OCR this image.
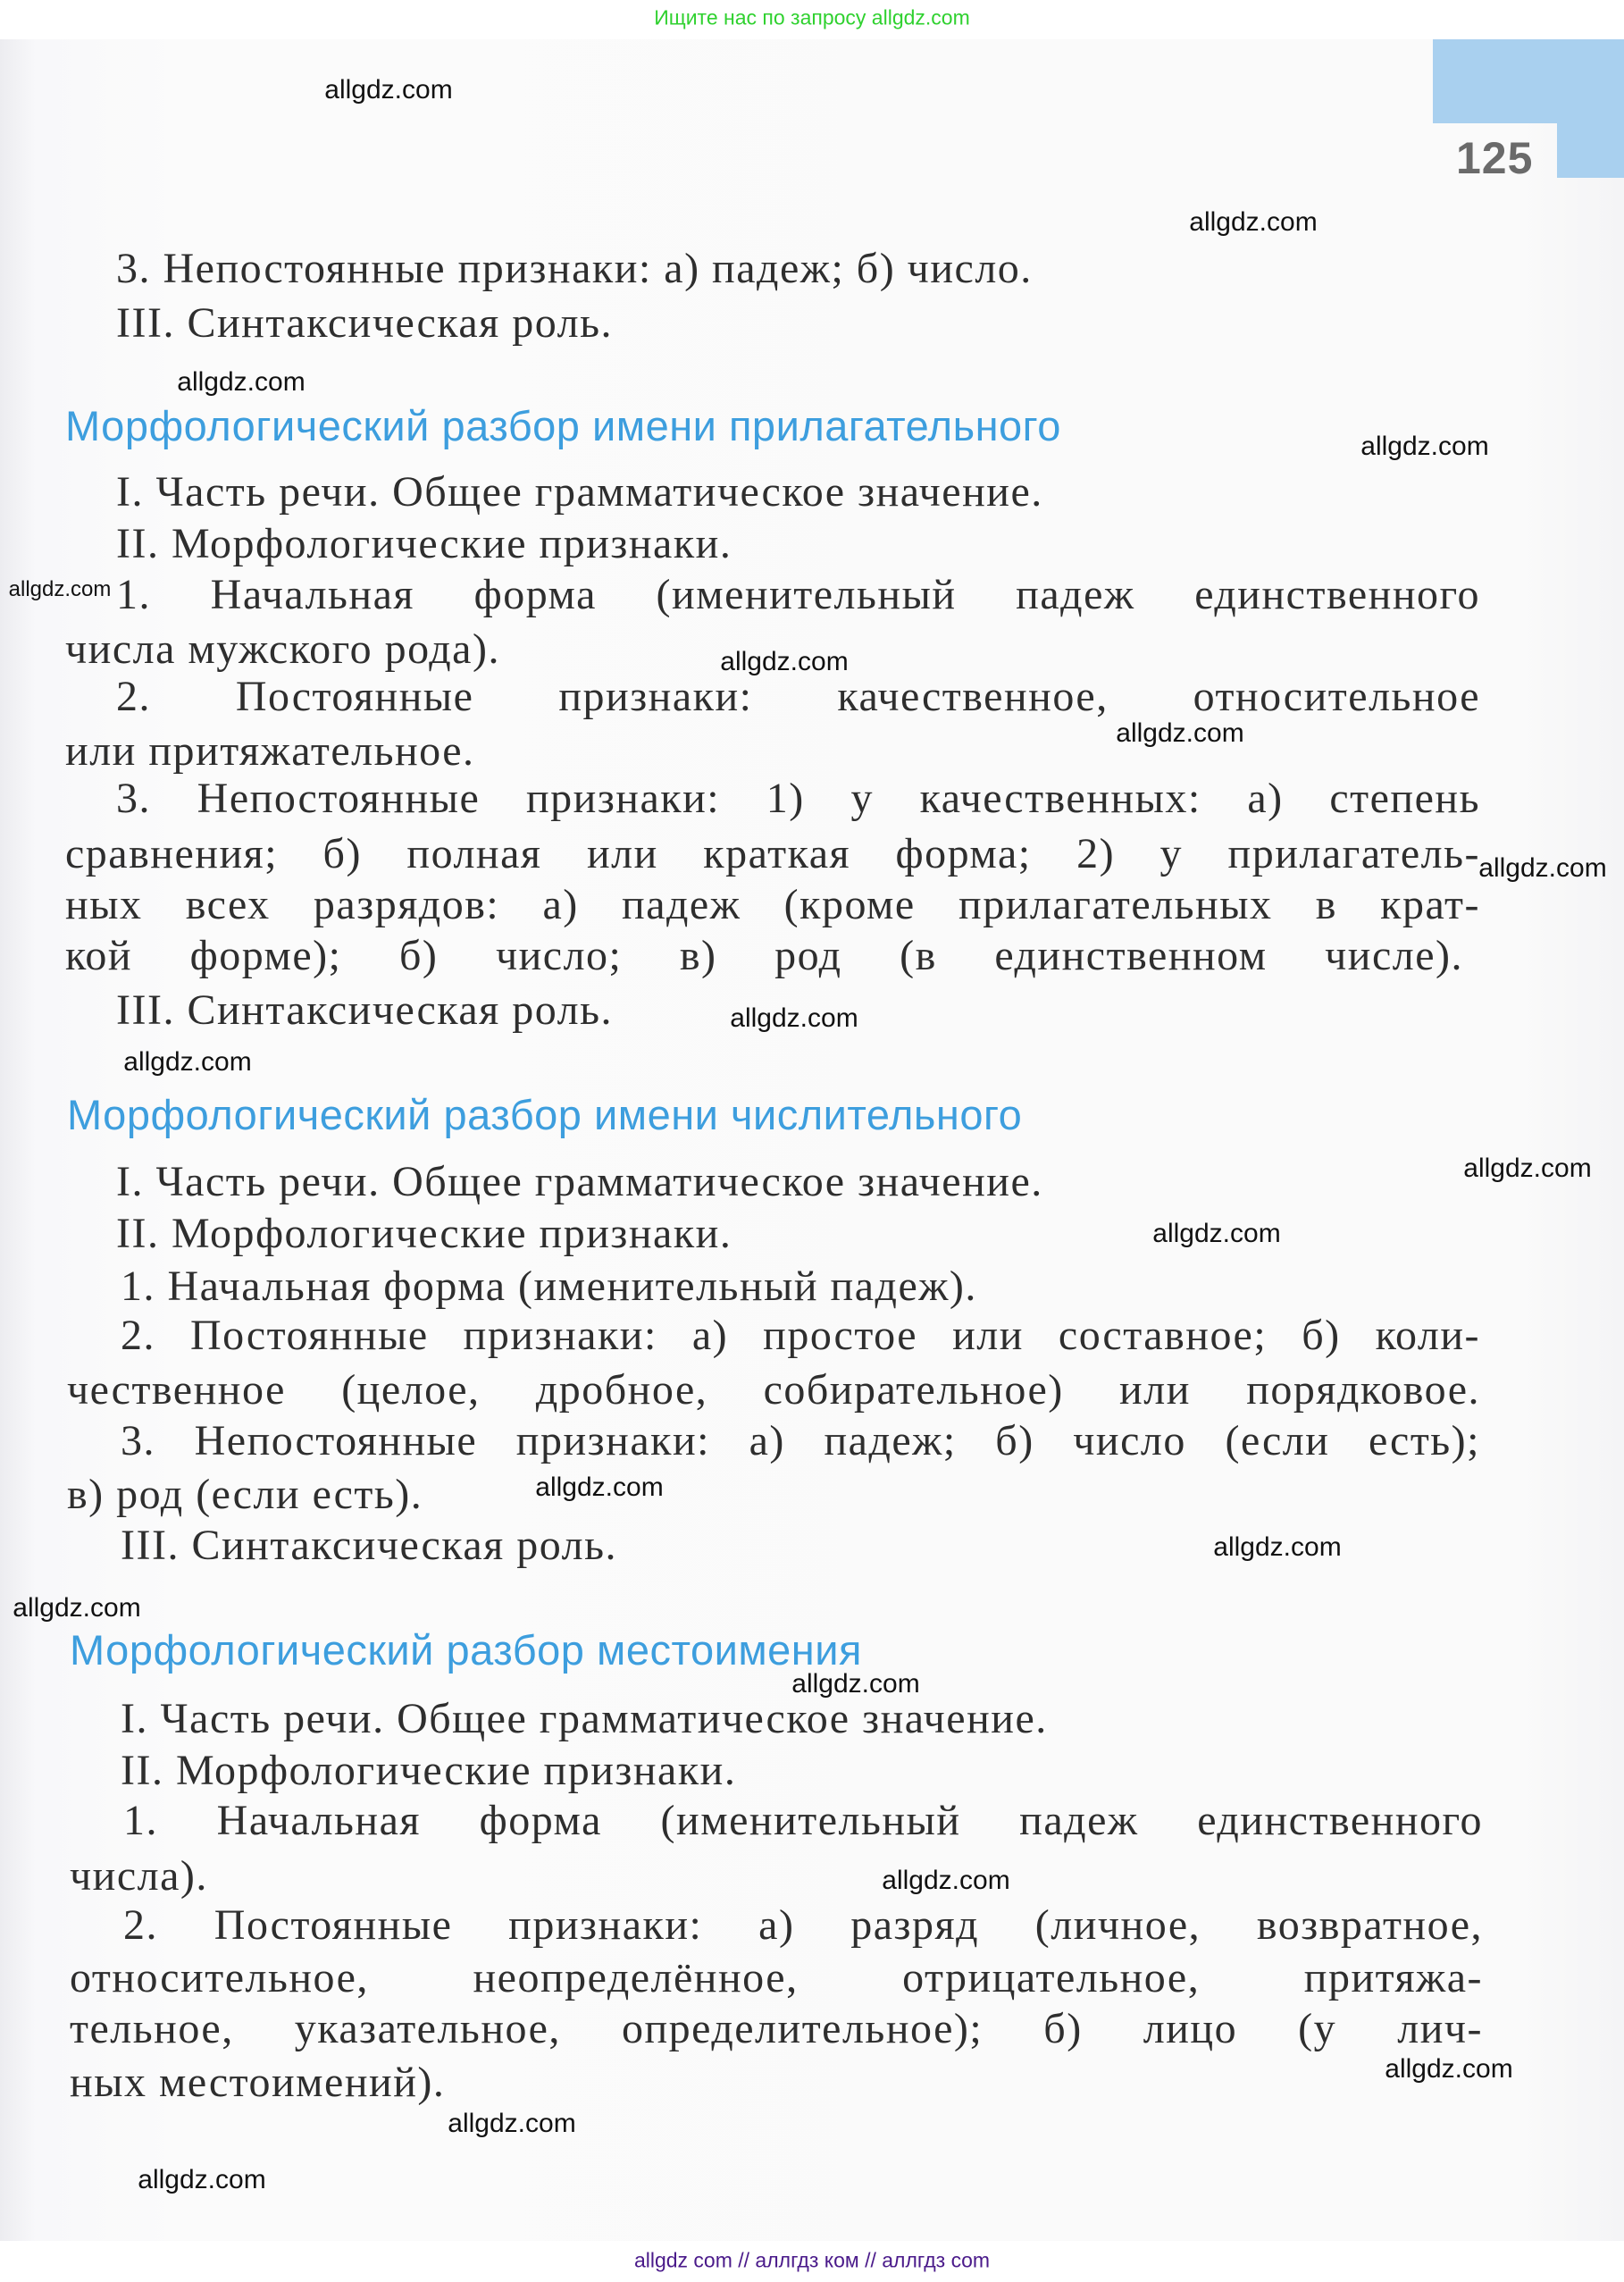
Ищите нас по запросу allgdz.com
125
3. Непостоянные признаки: а) падеж; б) число.
III. Синтаксическая роль.
Морфологический разбор имени прилагательного
I. Часть речи. Общее грамматическое значение.
II. Морфологические признаки.
1. Начальная форма (именительный падеж единственного
числа мужского рода).
2. Постоянные признаки: качественное, относительное
или притяжательное.
3. Непостоянные признаки: 1) у качественных: а) степень
сравнения; б) полная или краткая форма; 2) у прилагатель-
ных всех разрядов: а) падеж (кроме прилагательных в крат-
кой форме); б) число; в) род (в единственном числе).
III. Синтаксическая роль.
Морфологический разбор имени числительного
I. Часть речи. Общее грамматическое значение.
II. Морфологические признаки.
1. Начальная форма (именительный падеж).
2. Постоянные признаки: а) простое или составное; б) коли-
чественное (целое, дробное, собирательное) или порядковое.
3. Непостоянные признаки: а) падеж; б) число (если есть);
в) род (если есть).
III. Синтаксическая роль.
Морфологический разбор местоимения
I. Часть речи. Общее грамматическое значение.
II. Морфологические признаки.
1. Начальная форма (именительный падеж единственного
числа).
2. Постоянные признаки: а) разряд (личное, возвратное,
относительное, неопределённое, отрицательное, притяжа-
тельное, указательное, определительное); б) лицо (у лич-
ных местоимений).
allgdz.com
allgdz.com
allgdz.com
allgdz.com
allgdz.com
allgdz.com
allgdz.com
allgdz.com
allgdz.com
allgdz.com
allgdz.com
allgdz.com
allgdz.com
allgdz.com
allgdz.com
allgdz.com
allgdz.com
allgdz.com
allgdz.com
allgdz.com
allgdz com // аллгдз ком // аллгдз com
